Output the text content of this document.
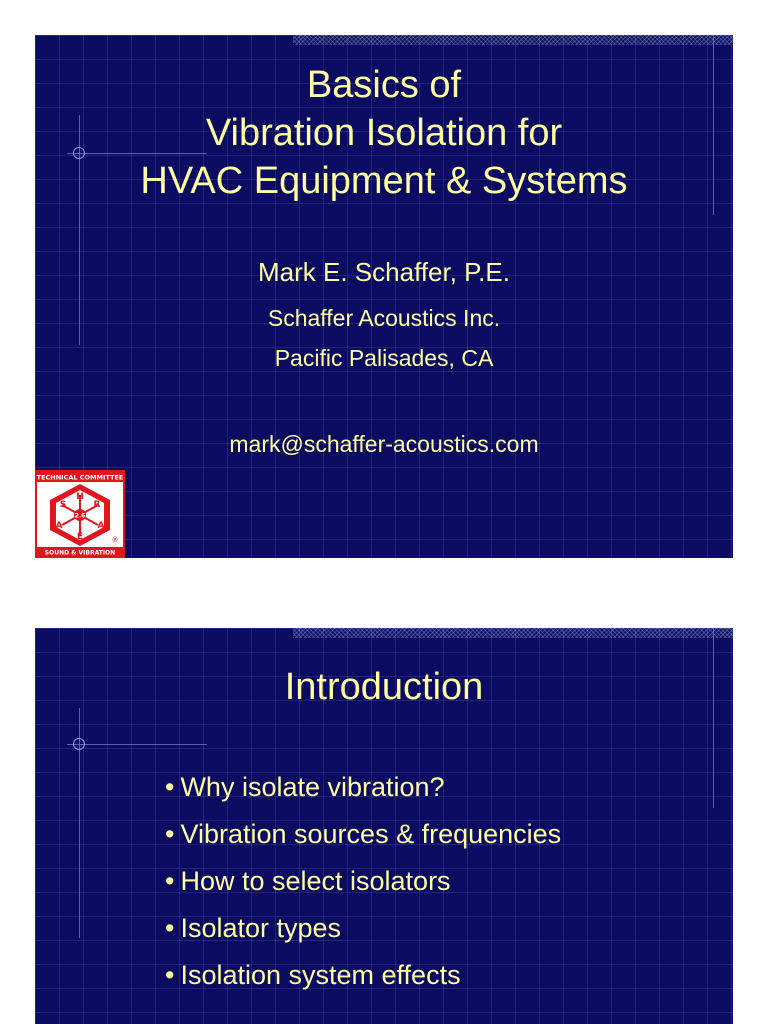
Basics of
Vibration Isolation for
HVAC Equipment & Systems
Mark E. Schaffer, P.E.
Schaffer Acoustics Inc.
Pacific Palisades, CA
mark@schaffer-acoustics.com
TECHNICAL COMMITTEE
SOUND & VIBRATION
2.6
A
S
H
R
A
E	®
Introduction
• Why isolate vibration?
• Vibration sources & frequencies
• How to select isolators
• Isolator types
• Isolation system effects
